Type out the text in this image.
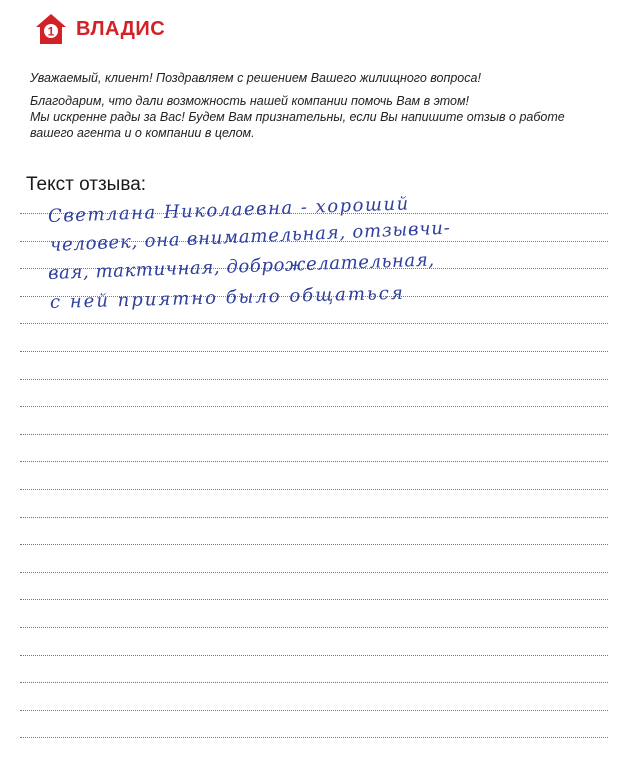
1 ВЛАДИС

Уважаемый, клиент! Поздравляем с решением Вашего жилищного вопроса!

Благодарим, что дали возможность нашей компании помочь Вам в этом!

Мы искренне рады за Вас! Будем Вам признательны, если Вы напишите отзыв о работе

вашего агента и о компании в целом.

Текст отзыва:
Светлана Николаевна - хороший
человек, она внимательная, отзывчи-
вая, тактичная, доброжелательная,
с ней приятно было общаться
